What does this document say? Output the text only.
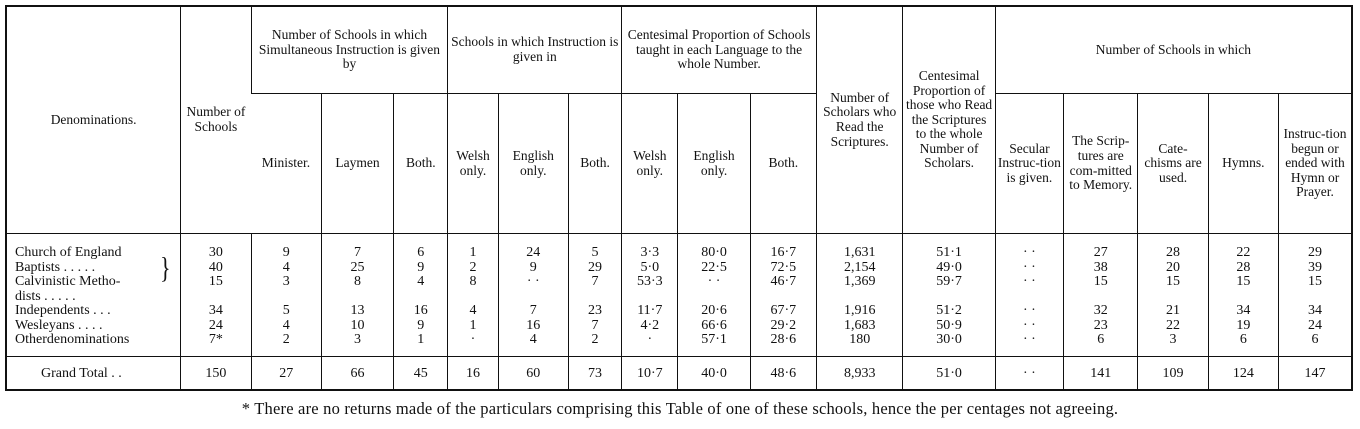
Denominations.	Number of Schools	Number of Schools in which Simultaneous Instruction is given by			Schools in which Instruction is given in			Centesimal Proportion of Schools taught in each Language to the whole Number.			Number of Scholars who Read the Scriptures.	Centesimal Proportion of those who Read the Scriptures to the whole Number of Scholars.	Number of Schools in which				
		Minister.	Laymen	Both.	Welsh only.	English only.	Both.	Welsh only.	English only.	Both.			Secular Instruc-tion is given.	The Scrip-tures are com-mitted to Memory.	Cate-chisms are used.	Hymns.	Instruc-tion begun or ended with Hymn or Prayer.

Church of England	30	9	7	6	1	24	5	3·3	80·0	16·7	1,631	51·1	· ·	27	28	22	29
Baptists . . . . .	40	4	25	9	2	9	29	5·0	22·5	72·5	2,154	49·0	· ·	38	20	28	39
Calvinistic Metho-	15	3	8	4	8	· ·	7	53·3	· ·	46·7	1,369	59·7	· ·	15	15	15	15
dists . . . . .																	
Independents . . .	34	5	13	16	4	7	23	11·7	20·6	67·7	1,916	51·2	· ·	32	21	34	34
Wesleyans . . . .	24	4	10	9	1	16	7	4·2	66·6	29·2	1,683	50·9	· ·	23	22	19	24
Otherdenominations	7*	2	3	1	·	4	2	·	57·1	28·6	180	30·0	· ·	6	3	6	6

Grand Total . .	150	27	66	45	16	60	73	10·7	40·0	48·6	8,933	51·0	· ·	141	109	124	147
}
* There are no returns made of the particulars comprising this Table of one of these schools, hence the per centages not agreeing.
